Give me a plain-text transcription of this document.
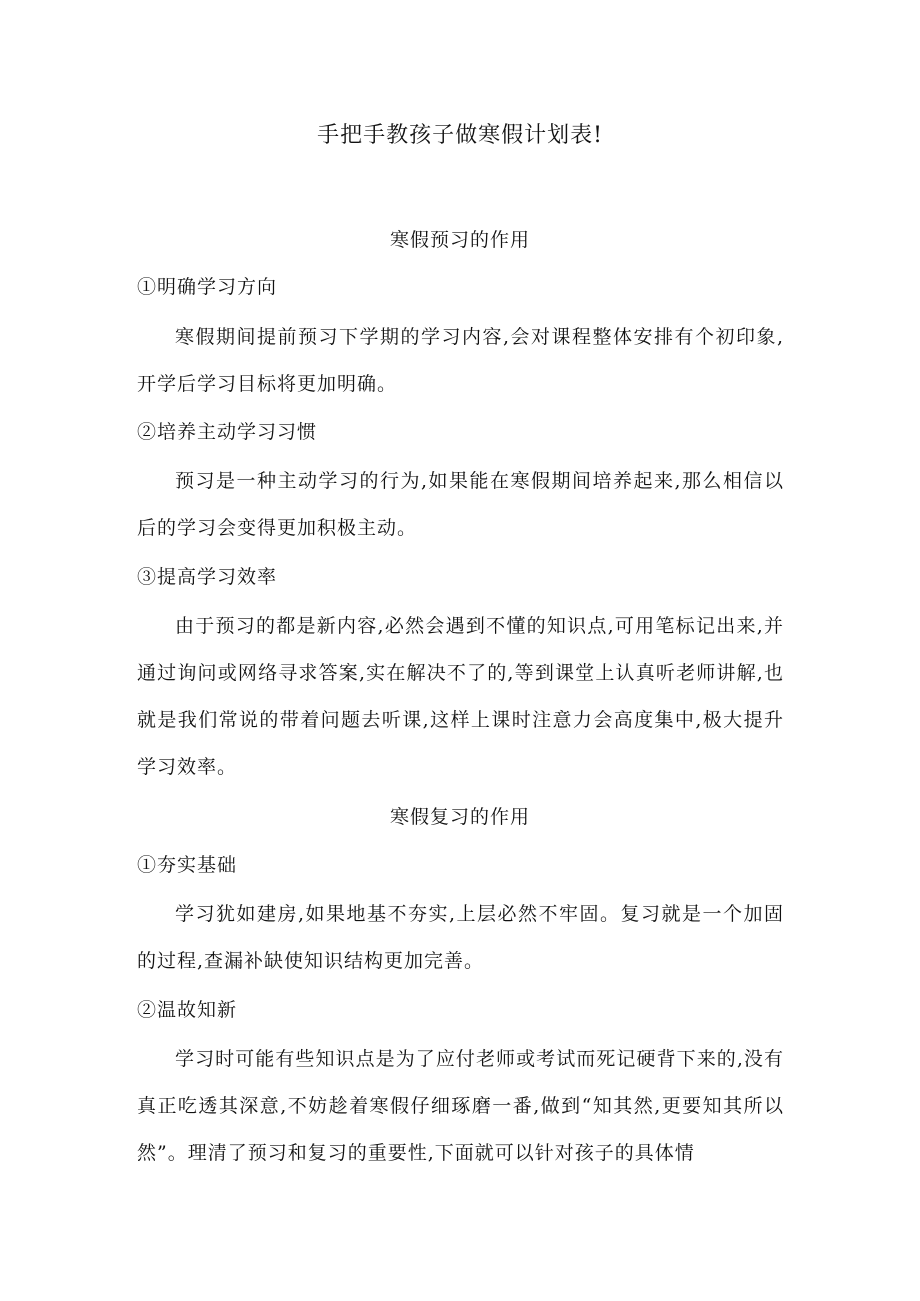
手把手教孩子做寒假计划表!
寒假预习的作用
①明确学习方向

寒假期间提前预习下学期的学习内容,会对课程整体安排有个初印象,开学后学习目标将更加明确。

②培养主动学习习惯

预习是一种主动学习的行为,如果能在寒假期间培养起来,那么相信以后的学习会变得更加积极主动。

③提高学习效率

由于预习的都是新内容,必然会遇到不懂的知识点,可用笔标记出来,并通过询问或网络寻求答案,实在解决不了的,等到课堂上认真听老师讲解,也就是我们常说的带着问题去听课,这样上课时注意力会高度集中,极大提升学习效率。

寒假复习的作用
①夯实基础

学习犹如建房,如果地基不夯实,上层必然不牢固。复习就是一个加固的过程,查漏补缺使知识结构更加完善。

②温故知新

学习时可能有些知识点是为了应付老师或考试而死记硬背下来的,没有真正吃透其深意,不妨趁着寒假仔细琢磨一番,做到“知其然,更要知其所以然”。理清了预习和复习的重要性,下面就可以针对孩子的具体情
